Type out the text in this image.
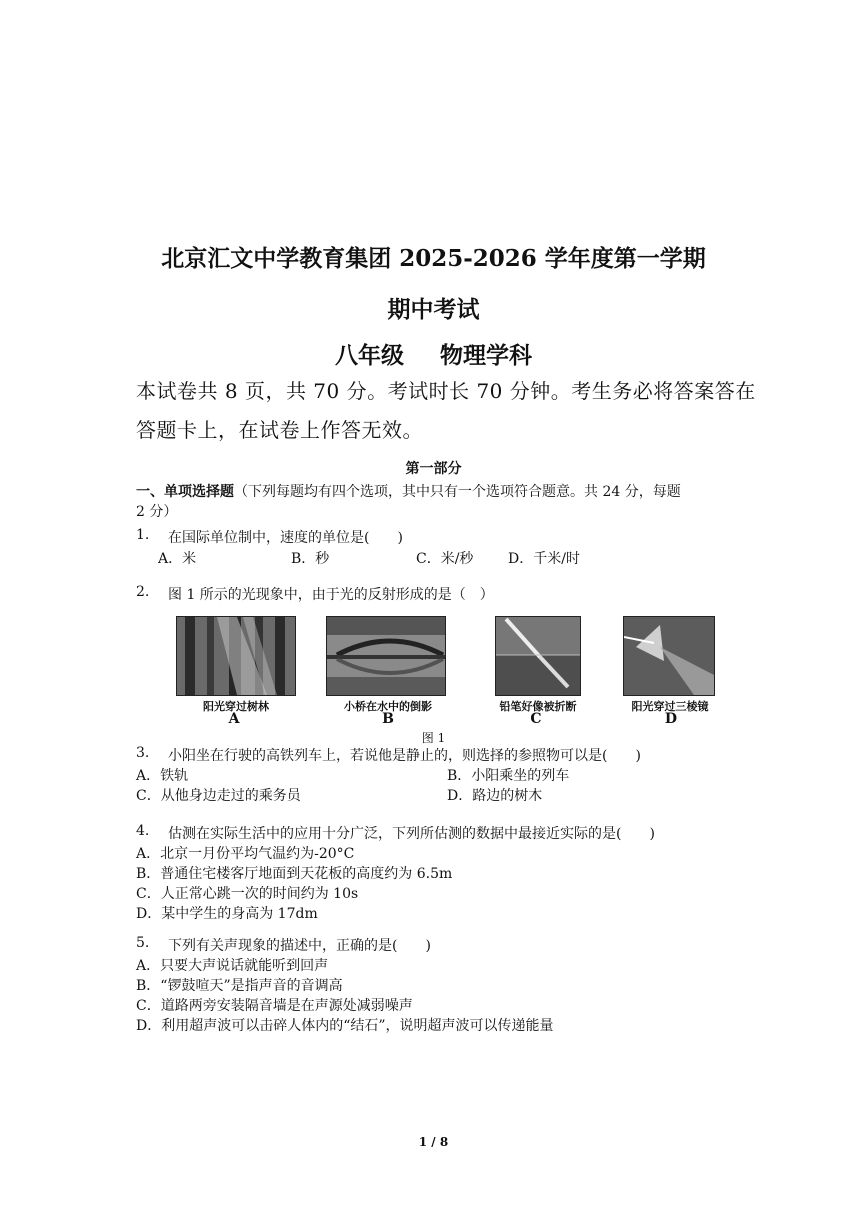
北京汇文中学教育集团 2025-2026 学年度第一学期
期中考试
八年级 物理学科
本试卷共 8 页，共 70 分。考试时长 70 分钟。考生务必将答案答在
答题卡上，在试卷上作答无效。
第一部分
一、单项选择题（下列每题均有四个选项，其中只有一个选项符合题意。共 24 分，每题
2 分）
1. 在国际单位制中，速度的单位是(　　)
A．米	B．秒	C．米/秒 D．千米/时
2. 图 1 所示的光现象中，由于光的反射形成的是（　）
阳光穿过树林	小桥在水中的倒影	铅笔好像被折断	阳光穿过三棱镜
A	B	C	D
图 1
3. 小阳坐在行驶的高铁列车上，若说他是静止的，则选择的参照物可以是(　　)
A．铁轨	B．小阳乘坐的列车
C．从他身边走过的乘务员	D．路边的树木
4. 估测在实际生活中的应用十分广泛，下列所估测的数据中最接近实际的是(　　)
A．北京一月份平均气温约为-20°C
B．普通住宅楼客厅地面到天花板的高度约为 6.5m
C．人正常心跳一次的时间约为 10s
D．某中学生的身高为 17dm
5. 下列有关声现象的描述中，正确的是(　　)
A．只要大声说话就能听到回声
B．“锣鼓喧天”是指声音的音调高
C．道路两旁安装隔音墙是在声源处减弱噪声
D．利用超声波可以击碎人体内的“结石”，说明超声波可以传递能量
1 / 8
